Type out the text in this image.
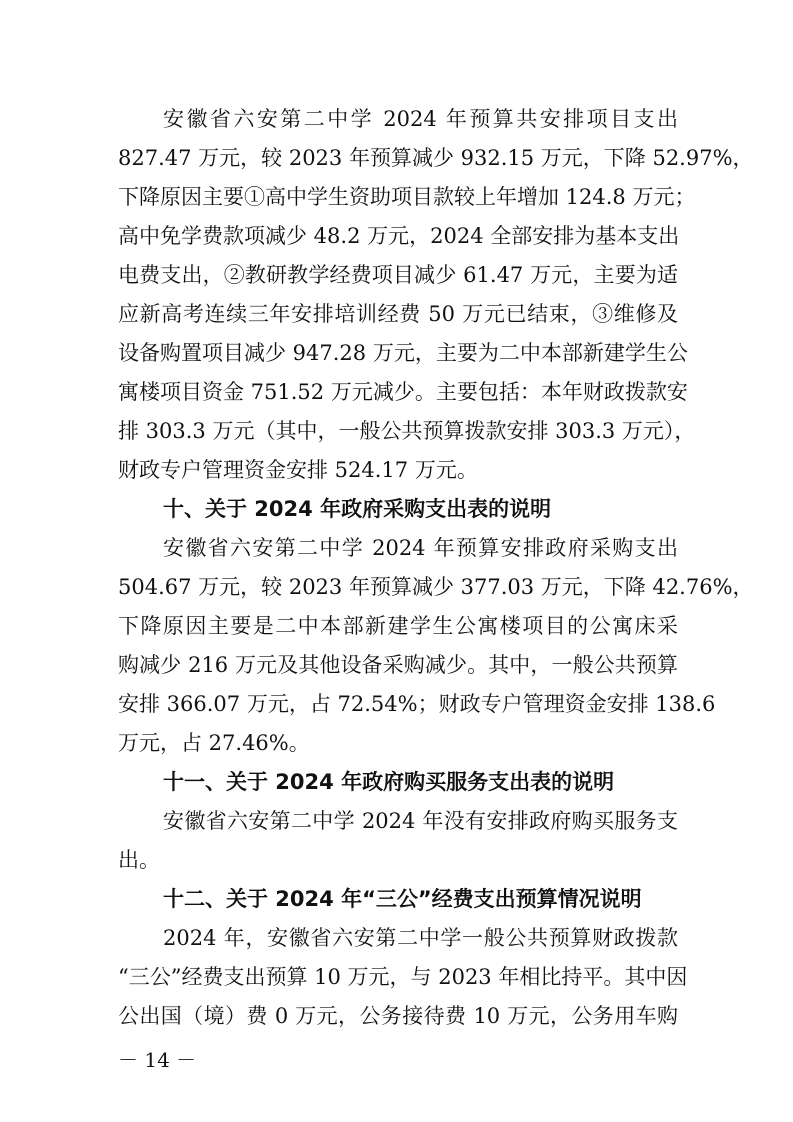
安徽省六安第二中学 2024 年预算共安排项目支出
827.47 万元，较 2023 年预算减少 932.15 万元，下降 52.97%，
下降原因主要①高中学生资助项目款较上年增加 124.8 万元；
高中免学费款项减少 48.2 万元，2024 全部安排为基本支出
电费支出，②教研教学经费项目减少 61.47 万元，主要为适
应新高考连续三年安排培训经费 50 万元已结束，③维修及
设备购置项目减少 947.28 万元，主要为二中本部新建学生公
寓楼项目资金 751.52 万元减少。主要包括：本年财政拨款安
排 303.3 万元（其中，一般公共预算拨款安排 303.3 万元），
财政专户管理资金安排 524.17 万元。
十、关于 2024 年政府采购支出表的说明
安徽省六安第二中学 2024 年预算安排政府采购支出
504.67 万元，较 2023 年预算减少 377.03 万元，下降 42.76%，
下降原因主要是二中本部新建学生公寓楼项目的公寓床采
购减少 216 万元及其他设备采购减少。其中，一般公共预算
安排 366.07 万元，占 72.54%；财政专户管理资金安排 138.6
万元，占 27.46%。
十一、关于 2024 年政府购买服务支出表的说明
安徽省六安第二中学 2024 年没有安排政府购买服务支
出。
十二、关于 2024 年“三公”经费支出预算情况说明
2024 年，安徽省六安第二中学一般公共预算财政拨款
“三公”经费支出预算 10 万元，与 2023 年相比持平。其中因
公出国（境）费 0 万元，公务接待费 10 万元，公务用车购
－ 14 －
